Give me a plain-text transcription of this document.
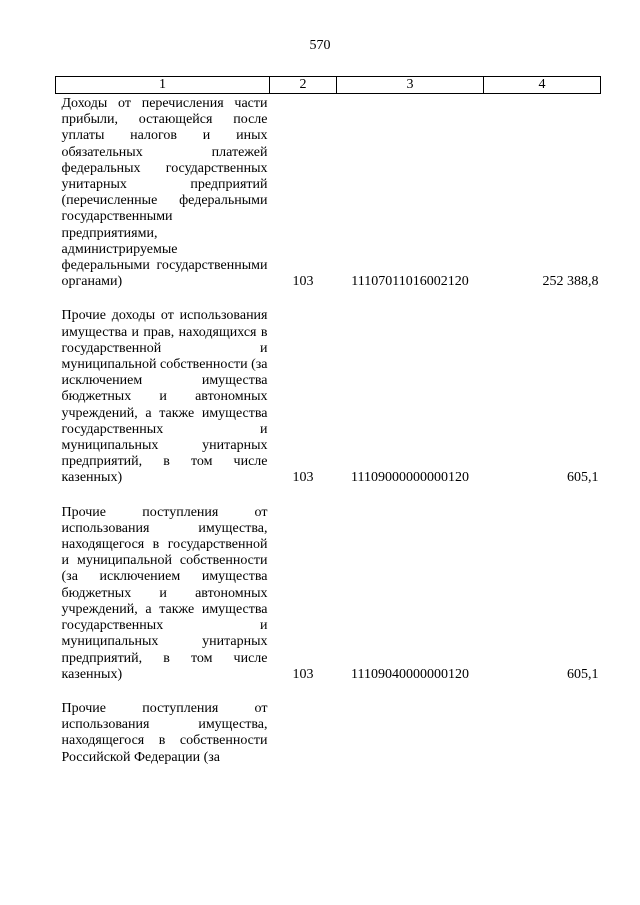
570
1	2	3	4
Доходы от перечисления части прибыли, остающейся после уплаты налогов и иных обязательных платежей федеральных государственных унитарных предприятий (перечисленные федеральными государственными предприятиями, администрируемые федеральными государственными органами)	103	11107011016002120	252 388,8
Прочие доходы от использования имущества и прав, находящихся в государственной и муниципальной собственности (за исключением имущества бюджетных и автономных учреждений, а также имущества государственных и муниципальных унитарных предприятий, в том числе казенных)	103	11109000000000120	605,1
Прочие поступления от использования имущества, находящегося в государственной и муниципальной собственности (за исключением имущества бюджетных и автономных учреждений, а также имущества государственных и муниципальных унитарных предприятий, в том числе казенных)	103	11109040000000120	605,1
Прочие поступления от использования имущества, находящегося в собственности Российской Федерации (за			
